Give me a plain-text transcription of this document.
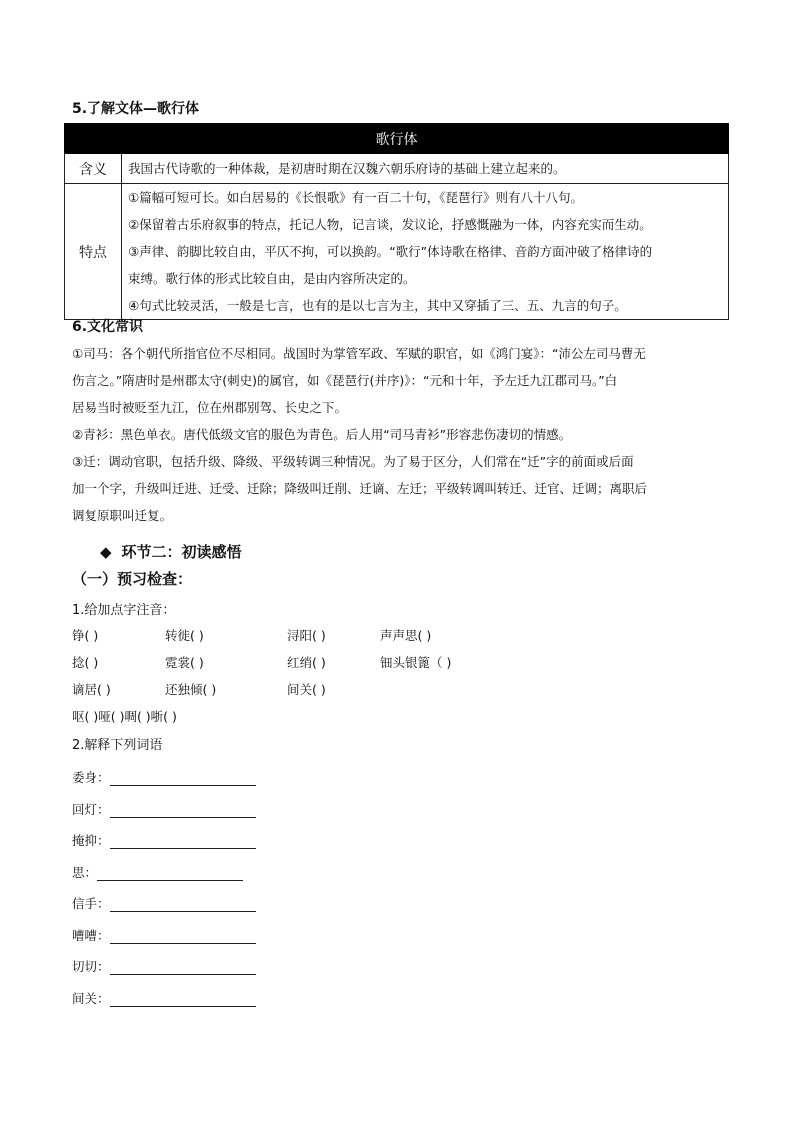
5.了解文体—歌行体
歌行体	
含义	我国古代诗歌的一种体裁，是初唐时期在汉魏六朝乐府诗的基础上建立起来的。

特点	①篇幅可短可长。如白居易的《长恨歌》有一百二十句，《琵琶行》则有八十八句。
②保留着古乐府叙事的特点，托记人物，记言谈，发议论，抒感慨融为一体，内容充实而生动。
③声律、韵脚比较自由，平仄不拘，可以换韵。“歌行”体诗歌在格律、音韵方面冲破了格律诗的
束缚。歌行体的形式比较自由，是由内容所决定的。
④句式比较灵活，一般是七言，也有的是以七言为主，其中又穿插了三、五、九言的句子。
6.文化常识
①司马：各个朝代所指官位不尽相同。战国时为掌管军政、军赋的职官，如《鸿门宴》：“沛公左司马曹无
伤言之。”隋唐时是州郡太守(刺史)的属官，如《琵琶行(并序)》：“元和十年，予左迁九江郡司马。”白
居易当时被贬至九江，位在州郡别驾、长史之下。
②青衫：黑色单衣。唐代低级文官的服色为青色。后人用“司马青衫”形容悲伤凄切的情感。
③迁：调动官职，包括升级、降级、平级转调三种情况。为了易于区分，人们常在“迁”字的前面或后面
加一个字，升级叫迁进、迁受、迁除；降级叫迁削、迁谪、左迁；平级转调叫转迁、迁官、迁调；离职后
调复原职叫迁复。
◆ 环节二：初读感悟
（一）预习检查：
1.给加点字注音：
铮( )	转徙( )	浔阳( )	声声思( )
捻( )	霓裳( )	红绡( )	钿头银篦（ )
谪居( )	还独倾( )	间关( )
呕( )哑( )啁( )哳( )
2.解释下列词语
委身：
回灯：
掩抑：
思：
信手：
嘈嘈：
切切：
间关：
